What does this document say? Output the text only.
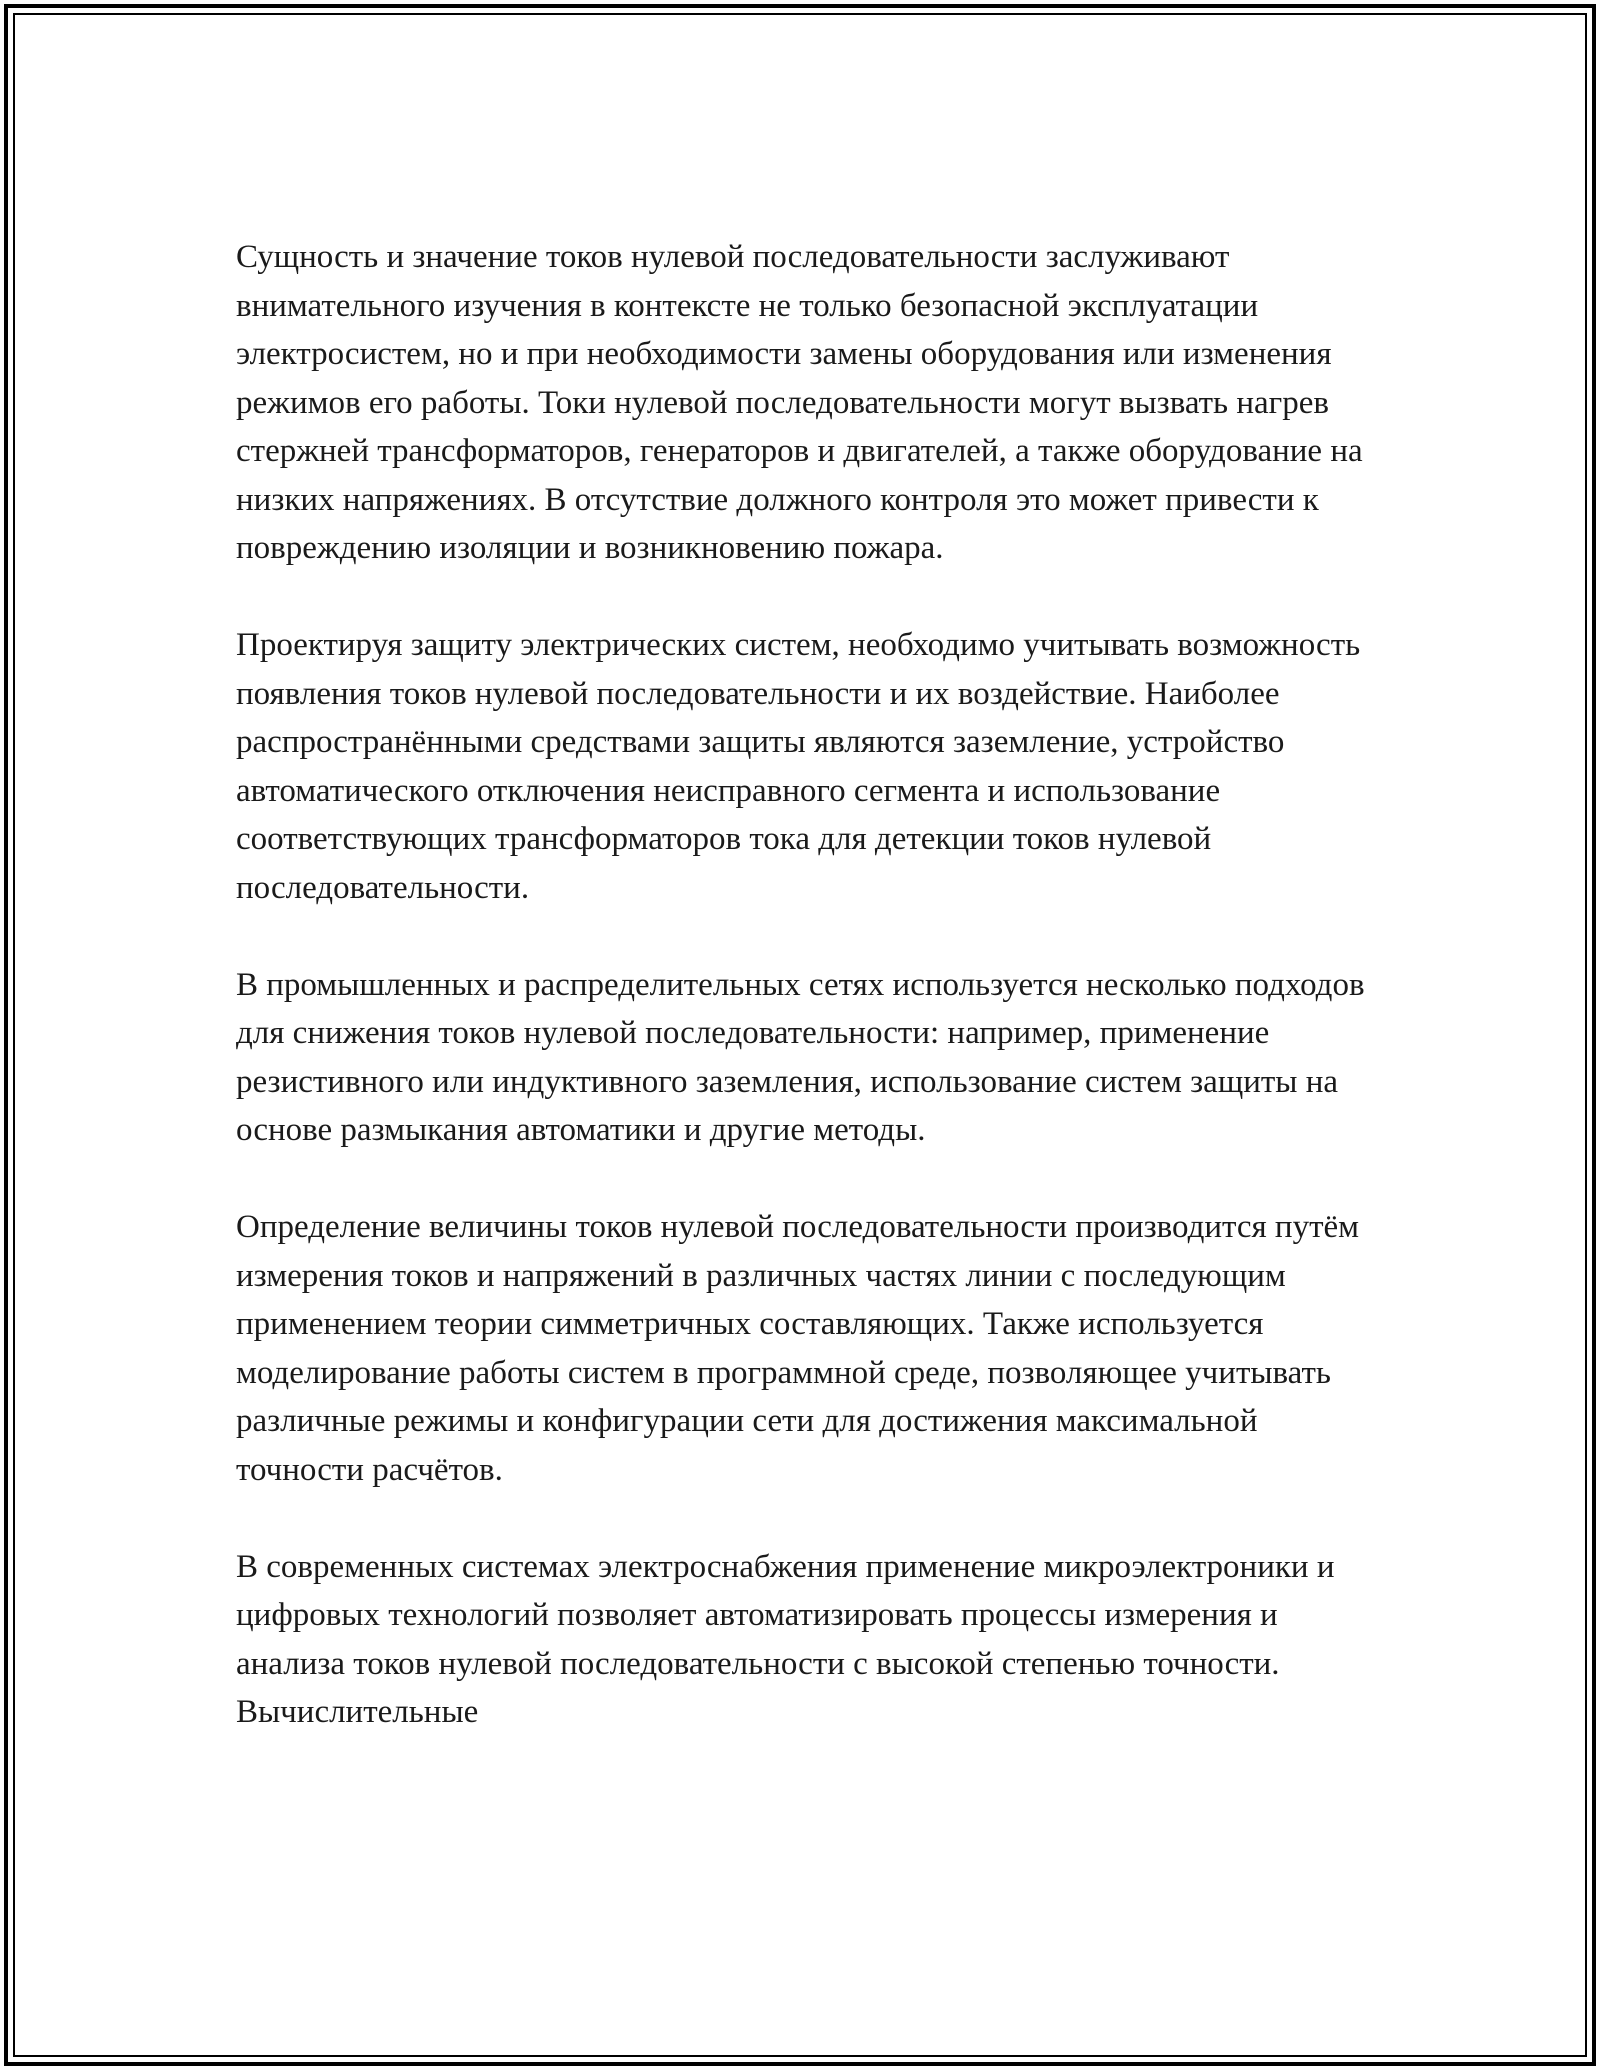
Сущность и значение токов нулевой последовательности заслуживают внимательного изучения в контексте не только безопасной эксплуатации электросистем, но и при необходимости замены оборудования или изменения режимов его работы. Токи нулевой последовательности могут вызвать нагрев стержней трансформаторов, генераторов и двигателей, а также оборудование на низких напряжениях. В отсутствие должного контроля это может привести к повреждению изоляции и возникновению пожара.

Проектируя защиту электрических систем, необходимо учитывать возможность появления токов нулевой последовательности и их воздействие. Наиболее распространёнными средствами защиты являются заземление, устройство автоматического отключения неисправного сегмента и использование соответствующих трансформаторов тока для детекции токов нулевой последовательности.

В промышленных и распределительных сетях используется несколько подходов для снижения токов нулевой последовательности: например, применение резистивного или индуктивного заземления, использование систем защиты на основе размыкания автоматики и другие методы.

Определение величины токов нулевой последовательности производится путём измерения токов и напряжений в различных частях линии с последующим применением теории симметричных составляющих. Также используется моделирование работы систем в программной среде, позволяющее учитывать различные режимы и конфигурации сети для достижения максимальной точности расчётов.

В современных системах электроснабжения применение микроэлектроники и цифровых технологий позволяет автоматизировать процессы измерения и анализа токов нулевой последовательности с высокой степенью точности. Вычислительные
